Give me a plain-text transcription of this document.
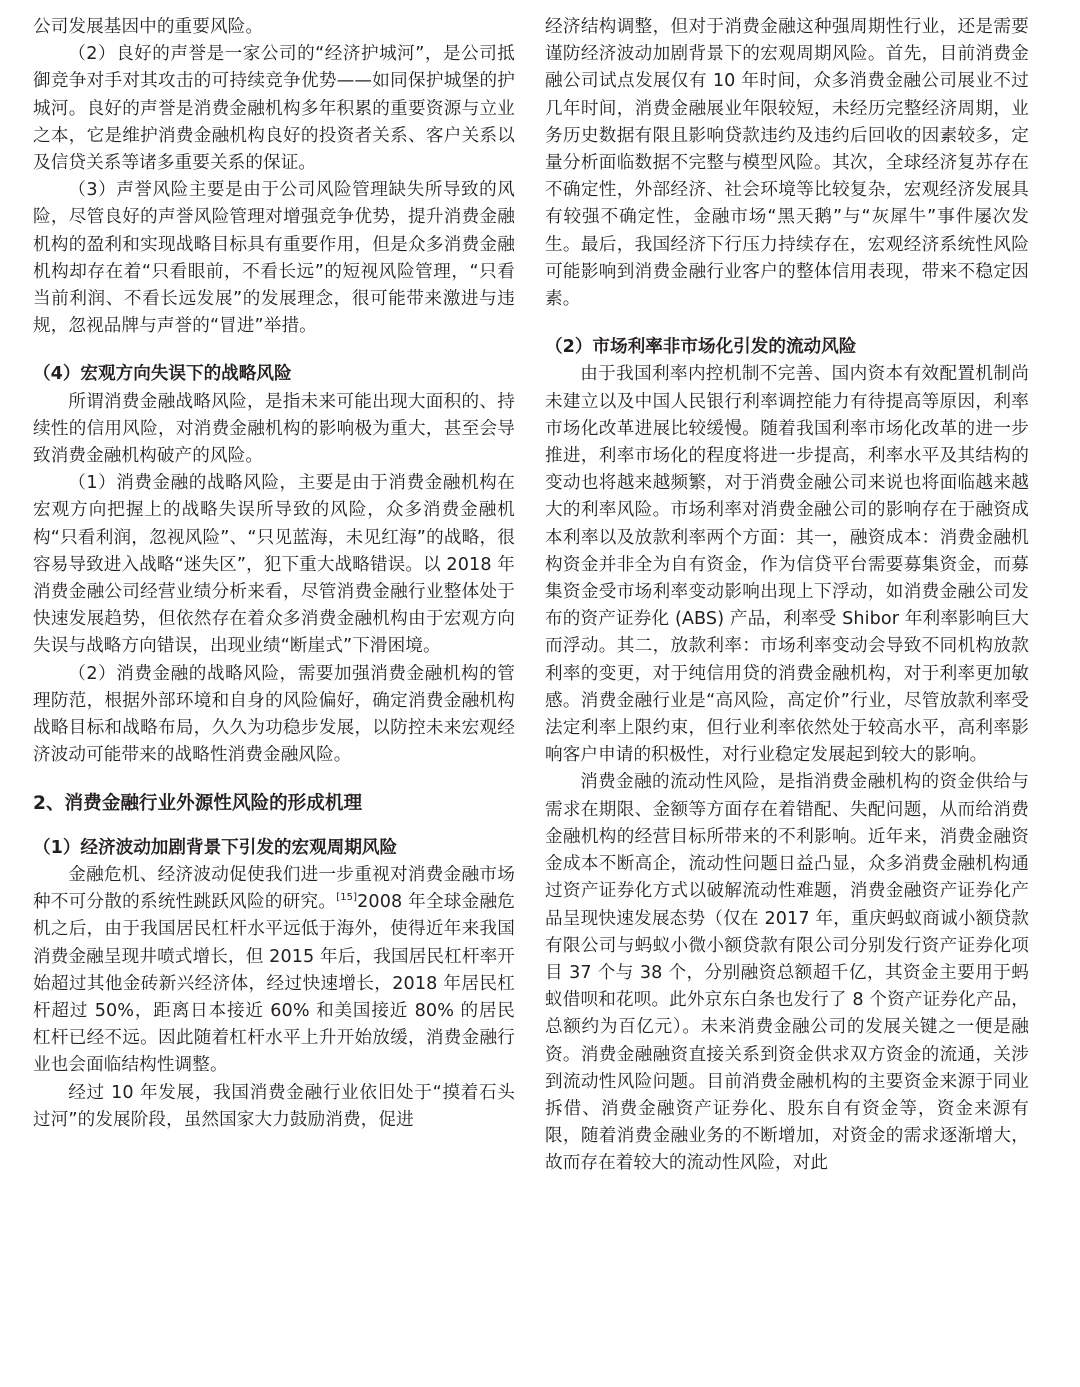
公司发展基因中的重要风险。

（2）良好的声誉是一家公司的“经济护城河”，是公司抵御竞争对手对其攻击的可持续竞争优势——如同保护城堡的护城河。良好的声誉是消费金融机构多年积累的重要资源与立业之本，它是维护消费金融机构良好的投资者关系、客户关系以及信贷关系等诸多重要关系的保证。

（3）声誉风险主要是由于公司风险管理缺失所导致的风险，尽管良好的声誉风险管理对增强竞争优势，提升消费金融机构的盈利和实现战略目标具有重要作用，但是众多消费金融机构却存在着“只看眼前，不看长远”的短视风险管理，“只看当前利润、不看长远发展”的发展理念，很可能带来激进与违规，忽视品牌与声誉的“冒进”举措。

（4）宏观方向失误下的战略风险

所谓消费金融战略风险，是指未来可能出现大面积的、持续性的信用风险，对消费金融机构的影响极为重大，甚至会导致消费金融机构破产的风险。

（1）消费金融的战略风险，主要是由于消费金融机构在宏观方向把握上的战略失误所导致的风险，众多消费金融机构“只看利润，忽视风险”、“只见蓝海，未见红海”的战略，很容易导致进入战略“迷失区”，犯下重大战略错误。以 2018 年消费金融公司经营业绩分析来看，尽管消费金融行业整体处于快速发展趋势，但依然存在着众多消费金融机构由于宏观方向失误与战略方向错误，出现业绩“断崖式”下滑困境。

（2）消费金融的战略风险，需要加强消费金融机构的管理防范，根据外部环境和自身的风险偏好，确定消费金融机构战略目标和战略布局，久久为功稳步发展，以防控未来宏观经济波动可能带来的战略性消费金融风险。

2、消费金融行业外源性风险的形成机理
（1）经济波动加剧背景下引发的宏观周期风险

金融危机、经济波动促使我们进一步重视对消费金融市场种不可分散的系统性跳跃风险的研究。[15]2008 年全球金融危机之后，由于我国居民杠杆水平远低于海外，使得近年来我国消费金融呈现井喷式增长，但 2015 年后，我国居民杠杆率开始超过其他金砖新兴经济体，经过快速增长，2018 年居民杠杆超过 50%，距离日本接近 60% 和美国接近 80% 的居民杠杆已经不远。因此随着杠杆水平上升开始放缓，消费金融行业也会面临结构性调整。

经过 10 年发展，我国消费金融行业依旧处于“摸着石头过河”的发展阶段，虽然国家大力鼓励消费，促进

经济结构调整，但对于消费金融这种强周期性行业，还是需要谨防经济波动加剧背景下的宏观周期风险。首先，目前消费金融公司试点发展仅有 10 年时间，众多消费金融公司展业不过几年时间，消费金融展业年限较短，未经历完整经济周期，业务历史数据有限且影响贷款违约及违约后回收的因素较多，定量分析面临数据不完整与模型风险。其次，全球经济复苏存在不确定性，外部经济、社会环境等比较复杂，宏观经济发展具有较强不确定性，金融市场“黑天鹅”与“灰犀牛”事件屡次发生。最后，我国经济下行压力持续存在，宏观经济系统性风险可能影响到消费金融行业客户的整体信用表现，带来不稳定因素。

（2）市场利率非市场化引发的流动风险

由于我国利率内控机制不完善、国内资本有效配置机制尚未建立以及中国人民银行利率调控能力有待提高等原因，利率市场化改革进展比较缓慢。随着我国利率市场化改革的进一步推进，利率市场化的程度将进一步提高，利率水平及其结构的变动也将越来越频繁，对于消费金融公司来说也将面临越来越大的利率风险。市场利率对消费金融公司的影响存在于融资成本利率以及放款利率两个方面：其一，融资成本：消费金融机构资金并非全为自有资金，作为信贷平台需要募集资金，而募集资金受市场利率变动影响出现上下浮动，如消费金融公司发布的资产证券化 (ABS) 产品，利率受 Shibor 年利率影响巨大而浮动。其二，放款利率：市场利率变动会导致不同机构放款利率的变更，对于纯信用贷的消费金融机构，对于利率更加敏感。消费金融行业是“高风险，高定价”行业，尽管放款利率受法定利率上限约束，但行业利率依然处于较高水平，高利率影响客户申请的积极性，对行业稳定发展起到较大的影响。

消费金融的流动性风险，是指消费金融机构的资金供给与需求在期限、金额等方面存在着错配、失配问题，从而给消费金融机构的经营目标所带来的不利影响。近年来，消费金融资金成本不断高企，流动性问题日益凸显，众多消费金融机构通过资产证券化方式以破解流动性难题，消费金融资产证券化产品呈现快速发展态势（仅在 2017 年，重庆蚂蚁商诚小额贷款有限公司与蚂蚁小微小额贷款有限公司分别发行资产证券化项目 37 个与 38 个，分别融资总额超千亿，其资金主要用于蚂蚁借呗和花呗。此外京东白条也发行了 8 个资产证券化产品，总额约为百亿元）。未来消费金融公司的发展关键之一便是融资。消费金融融资直接关系到资金供求双方资金的流通，关涉到流动性风险问题。目前消费金融机构的主要资金来源于同业拆借、消费金融资产证券化、股东自有资金等，资金来源有限，随着消费金融业务的不断增加，对资金的需求逐渐增大，故而存在着较大的流动性风险，对此
